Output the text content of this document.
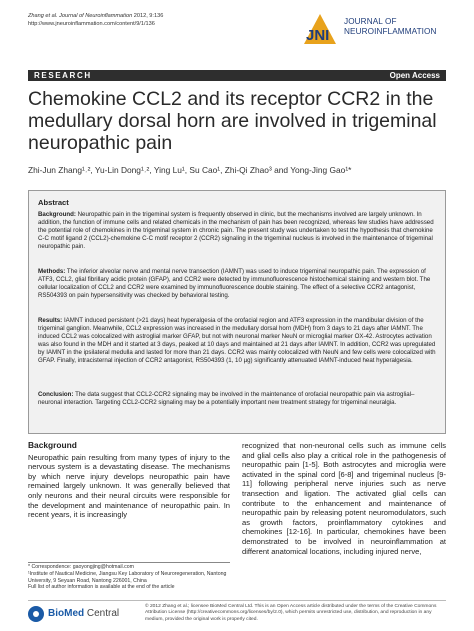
Zhang et al. Journal of Neuroinflammation 2012, 9:136
http://www.jneuroinflammation.com/content/9/1/136
JNI
JOURNAL OF
NEUROINFLAMMATION
RESEARCH	Open Access
Chemokine CCL2 and its receptor CCR2 in the medullary dorsal horn are involved in trigeminal neuropathic pain
Zhi-Jun Zhang¹˒², Yu-Lin Dong¹˒², Ying Lu¹, Su Cao¹, Zhi-Qi Zhao³ and Yong-Jing Gao¹*
Abstract
Background: Neuropathic pain in the trigeminal system is frequently observed in clinic, but the mechanisms involved are largely unknown. In addition, the function of immune cells and related chemicals in the mechanism of pain has been recognized, whereas few studies have addressed the potential role of chemokines in the trigeminal system in chronic pain. The present study was undertaken to test the hypothesis that chemokine C-C motif ligand 2 (CCL2)-chemokine C-C motif receptor 2 (CCR2) signaling in the trigeminal nucleus is involved in the maintenance of trigeminal neuropathic pain.
Methods: The inferior alveolar nerve and mental nerve transection (IAMNT) was used to induce trigeminal neuropathic pain. The expression of ATF3, CCL2, glial fibrillary acidic protein (GFAP), and CCR2 were detected by immunofluorescence histochemical staining and western blot. The cellular localization of CCL2 and CCR2 were examined by immunofluorescence double staining. The effect of a selective CCR2 antagonist, RS504393 on pain hypersensitivity was checked by behavioral testing.
Results: IAMNT induced persistent (>21 days) heat hyperalgesia of the orofacial region and ATF3 expression in the mandibular division of the trigeminal ganglion. Meanwhile, CCL2 expression was increased in the medullary dorsal horn (MDH) from 3 days to 21 days after IAMNT. The induced CCL2 was colocalized with astroglial marker GFAP, but not with neuronal marker NeuN or microglial marker OX-42. Astrocytes activation was also found in the MDH and it started at 3 days, peaked at 10 days and maintained at 21 days after IAMNT. In addition, CCR2 was upregulated by IAMNT in the ipsilateral medulla and lasted for more than 21 days. CCR2 was mainly colocalized with NeuN and few cells were colocalized with GFAP. Finally, intracisternal injection of CCR2 antagonist, RS504393 (1, 10 µg) significantly attenuated IAMNT-induced heat hyperalgesia.
Conclusion: The data suggest that CCL2-CCR2 signaling may be involved in the maintenance of orofacial neuropathic pain via astroglial–neuronal interaction. Targeting CCL2-CCR2 signaling may be a potentially important new treatment strategy for trigeminal neuralgia.
Background
Neuropathic pain resulting from many types of injury to the nervous system is a devastating disease. The mechanisms by which nerve injury develops neuropathic pain have remained largely unknown. It was generally believed that only neurons and their neural circuits were responsible for the development and maintenance of neuropathic pain. In recent years, it is increasingly
recognized that non-neuronal cells such as immune cells and glial cells also play a critical role in the pathogenesis of neuropathic pain [1-5]. Both astrocytes and microglia were activated in the spinal cord [6-8] and trigeminal nucleus [9-11] following peripheral nerve injuries such as nerve transection and ligation. The activated glial cells can contribute to the enhancement and maintenance of neuropathic pain by releasing potent neuromodulators, such as growth factors, proinflammatory cytokines and chemokines [12-16]. In particular, chemokines have been demonstrated to be involved in neuroinflammation at different anatomical locations, including injured nerve,
* Correspondence: gaoyongjing@hotmail.com
¹Institute of Nautical Medicine, Jiangsu Key Laboratory of Neuroregeneration, Nantong University, 9 Seyuan Road, Nantong 226001, China
Full list of author information is available at the end of the article
BioMed Central
© 2012 Zhang et al.; licensee BioMed Central Ltd. This is an Open Access article distributed under the terms of the Creative Commons Attribution License (http://creativecommons.org/licenses/by/2.0), which permits unrestricted use, distribution, and reproduction in any medium, provided the original work is properly cited.
